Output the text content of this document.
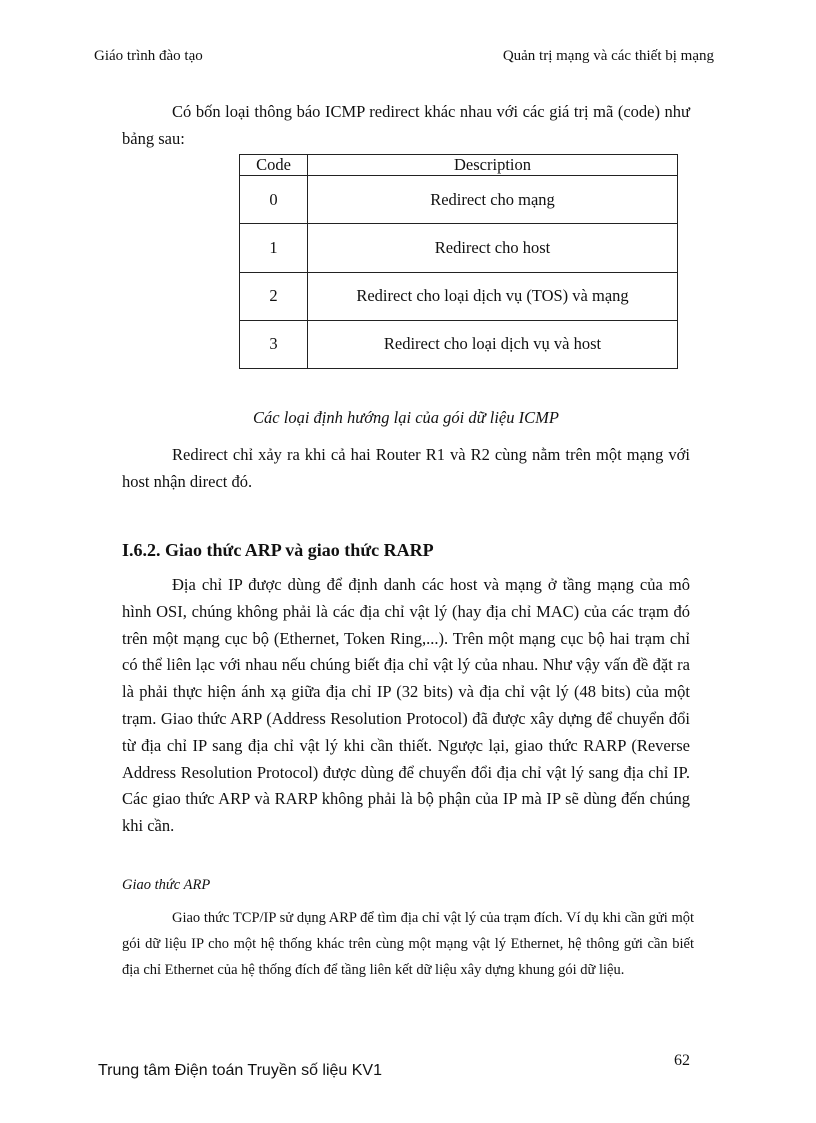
Giáo trình đào tạo	Quản trị mạng và các thiết bị mạng
Có bốn loại thông báo ICMP redirect khác nhau với các giá trị mã (code) như bảng sau:
Code	Description
0	Redirect cho mạng
1	Redirect cho host
2	Redirect cho loại dịch vụ (TOS) và mạng
3	Redirect cho loại dịch vụ và host
Các loại định hướng lại của gói dữ liệu ICMP
Redirect chỉ xảy ra khi cả hai Router R1 và R2 cùng nằm trên một mạng với host nhận direct đó.
I.6.2. Giao thức ARP và giao thức RARP
Địa chỉ IP được dùng để định danh các host và mạng ở tầng mạng của mô hình OSI, chúng không phải là các địa chỉ vật lý (hay địa chỉ MAC) của các trạm đó trên một mạng cục bộ (Ethernet, Token Ring,...). Trên một mạng cục bộ hai trạm chỉ có thể liên lạc với nhau nếu chúng biết địa chỉ vật lý của nhau. Như vậy vấn đề đặt ra là phải thực hiện ánh xạ giữa địa chỉ IP (32 bits) và địa chỉ vật lý (48 bits) của một trạm. Giao thức ARP (Address Resolution Protocol) đã được xây dựng để chuyển đổi từ địa chỉ IP sang địa chỉ vật lý khi cần thiết. Ngược lại, giao thức RARP (Reverse Address Resolution Protocol) được dùng để chuyển đổi địa chỉ vật lý sang địa chỉ IP. Các giao thức ARP và RARP không phải là bộ phận của IP mà IP sẽ dùng đến chúng khi cần.
Giao thức ARP
Giao thức TCP/IP sử dụng ARP để tìm địa chỉ vật lý của trạm đích. Ví dụ khi cần gửi một gói dữ liệu IP cho một hệ thống khác trên cùng một mạng vật lý Ethernet, hệ thông gửi cần biết địa chỉ Ethernet của hệ thống đích để tầng liên kết dữ liệu xây dựng khung gói dữ liệu.
62
Trung tâm Điện toán Truyền số liệu KV1
